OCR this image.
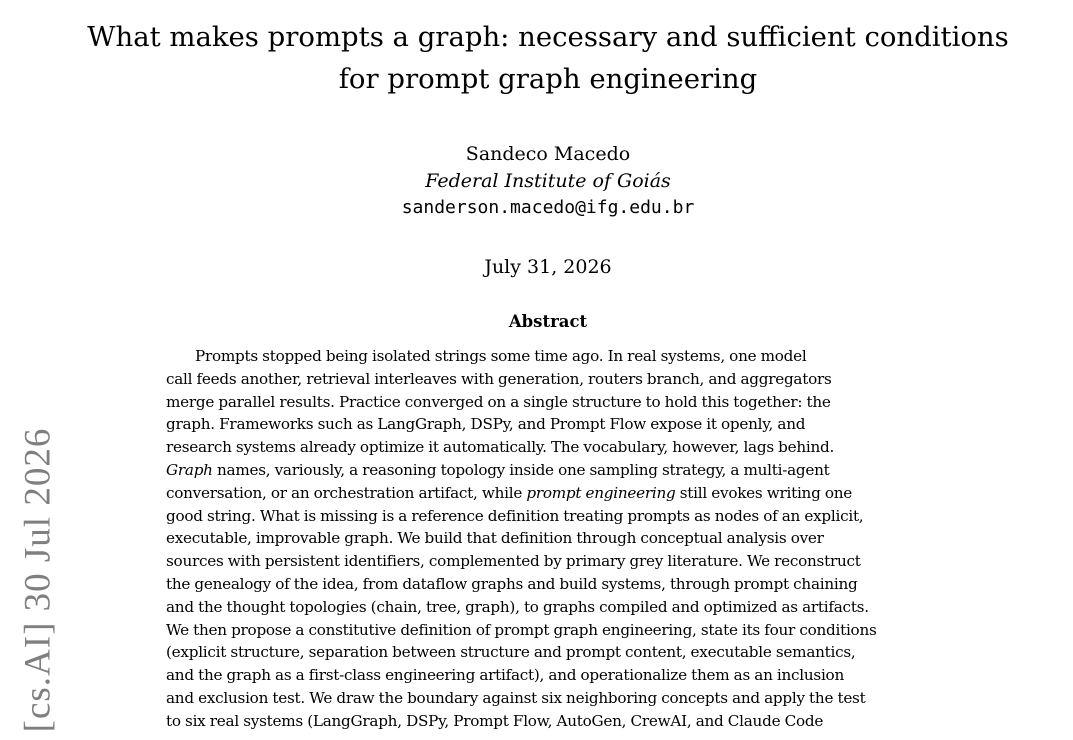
[cs.AI] 30 Jul 2026
What makes prompts a graph: necessary and sufficient conditions
for prompt graph engineering
Sandeco Macedo
Federal Institute of Goiás
sanderson.macedo@ifg.edu.br
July 31, 2026
Abstract
Prompts stopped being isolated strings some time ago. In real systems, one model
call feeds another, retrieval interleaves with generation, routers branch, and aggregators
merge parallel results. Practice converged on a single structure to hold this together: the
graph. Frameworks such as LangGraph, DSPy, and Prompt Flow expose it openly, and
research systems already optimize it automatically. The vocabulary, however, lags behind.
Graph names, variously, a reasoning topology inside one sampling strategy, a multi-agent
conversation, or an orchestration artifact, while prompt engineering still evokes writing one
good string. What is missing is a reference definition treating prompts as nodes of an explicit,
executable, improvable graph. We build that definition through conceptual analysis over
sources with persistent identifiers, complemented by primary grey literature. We reconstruct
the genealogy of the idea, from dataflow graphs and build systems, through prompt chaining
and the thought topologies (chain, tree, graph), to graphs compiled and optimized as artifacts.
We then propose a constitutive definition of prompt graph engineering, state its four conditions
(explicit structure, separation between structure and prompt content, executable semantics,
and the graph as a first-class engineering artifact), and operationalize them as an inclusion
and exclusion test. We draw the boundary against six neighboring concepts and apply the test
to six real systems (LangGraph, DSPy, Prompt Flow, AutoGen, CrewAI, and Claude Code
